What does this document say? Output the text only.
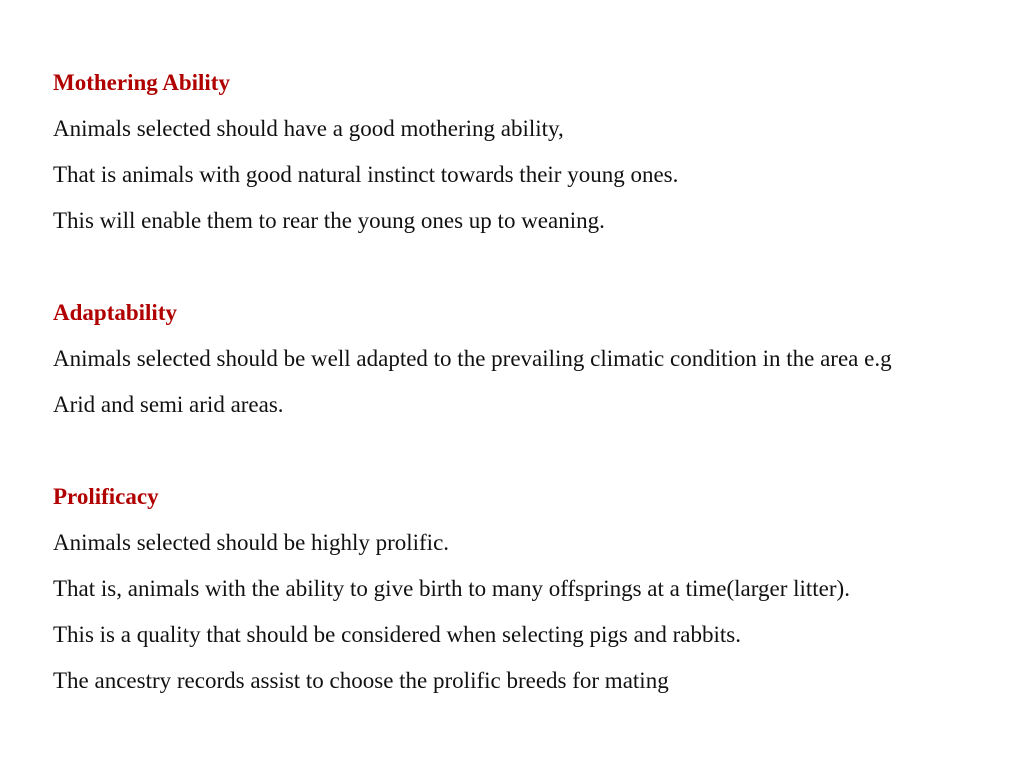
Mothering Ability
Animals selected should have a good mothering ability,
That is animals with good natural instinct towards their young ones.
This will enable them to rear the young ones up to weaning.
Adaptability
Animals selected should be well adapted to the prevailing climatic condition in the area e.g
Arid and semi arid areas.
Prolificacy
Animals selected should be highly prolific.
That is, animals with the ability to give birth to many offsprings at a time(larger litter).
This is a quality that should be considered when selecting pigs and rabbits.
The ancestry records assist to choose the prolific breeds for mating
